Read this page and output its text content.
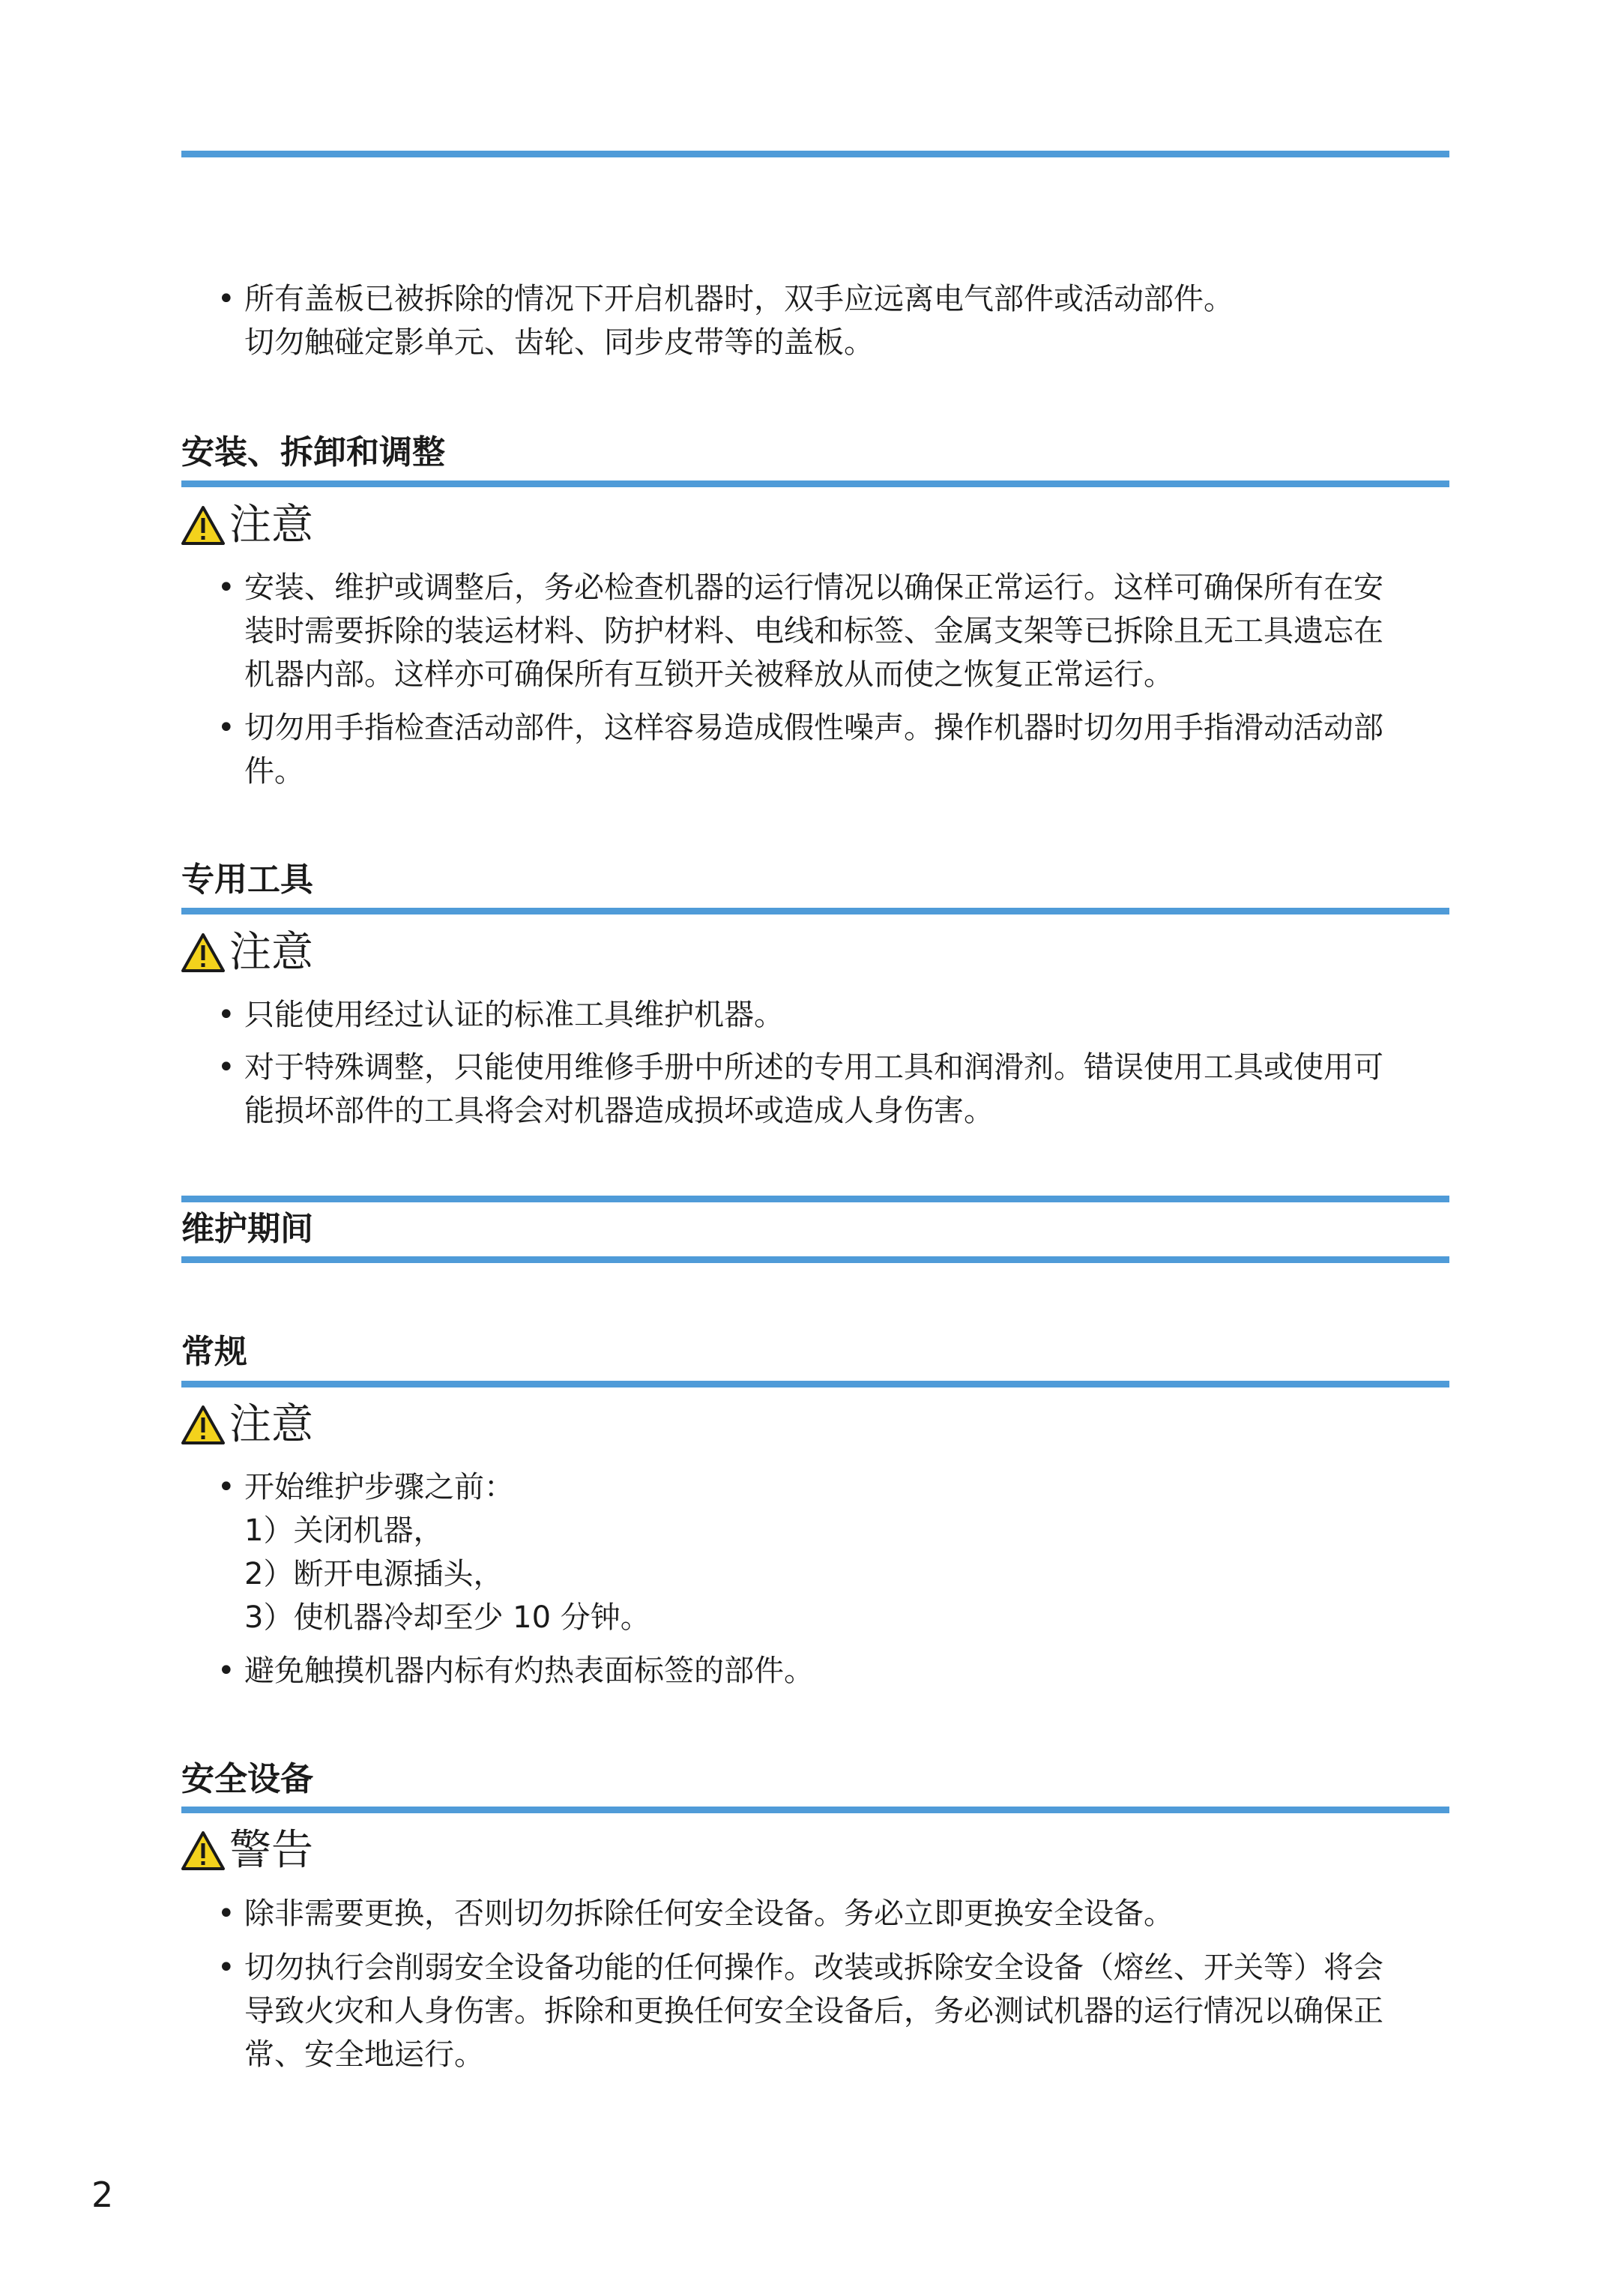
• 所有盖板已被拆除的情况下开启机器时，双手应远离电气部件或活动部件。
切勿触碰定影单元、齿轮、同步皮带等的盖板。
安装、拆卸和调整
注意
• 安装、维护或调整后，务必检查机器的运行情况以确保正常运行。这样可确保所有在安
装时需要拆除的装运材料、防护材料、电线和标签、金属支架等已拆除且无工具遗忘在
机器内部。这样亦可确保所有互锁开关被释放从而使之恢复正常运行。
• 切勿用手指检查活动部件，这样容易造成假性噪声。操作机器时切勿用手指滑动活动部
件。
专用工具
注意
• 只能使用经过认证的标准工具维护机器。
• 对于特殊调整，只能使用维修手册中所述的专用工具和润滑剂。错误使用工具或使用可
能损坏部件的工具将会对机器造成损坏或造成人身伤害。
维护期间
常规
注意
• 开始维护步骤之前：
1）关闭机器，
2）断开电源插头，
3）使机器冷却至少 10 分钟。
• 避免触摸机器内标有灼热表面标签的部件。
安全设备
警告
• 除非需要更换，否则切勿拆除任何安全设备。务必立即更换安全设备。
• 切勿执行会削弱安全设备功能的任何操作。改装或拆除安全设备（熔丝、开关等）将会
导致火灾和人身伤害。拆除和更换任何安全设备后，务必测试机器的运行情况以确保正
常、安全地运行。
2
